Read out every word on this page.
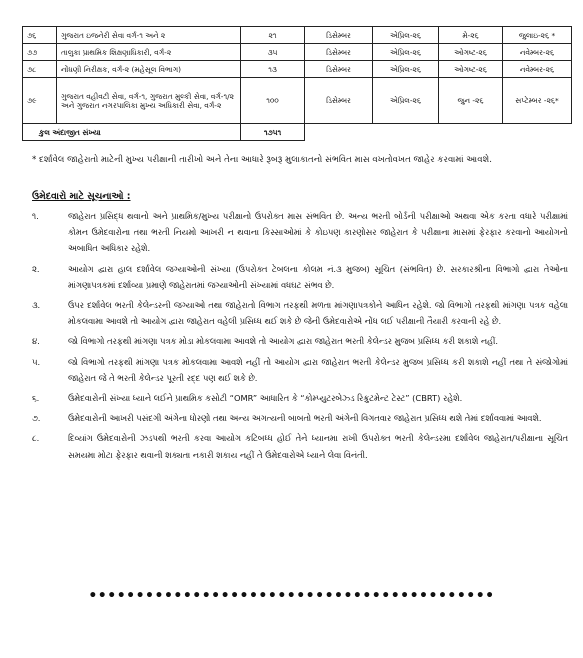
૭૬	ગુજરાત ઇજનેરી સેવા વર્ગ-૧ અને ૨	૨૧	ડિસેમ્બર	એપ્રિલ-૨૬	મે-૨૬	જુલાઇ-૨૬ *
૭૭	તાલુકા પ્રાથમિક શિક્ષણાધિકારી, વર્ગ-૨	૩૫	ડિસેમ્બર	એપ્રિલ-૨૬	ઓગષ્ટ-૨૬	નવેમ્બર-૨૬
૭૮	નોંધણી નિરીક્ષક, વર્ગ-૨ (મહેસૂલ વિભાગ)	૧૩	ડિસેમ્બર	એપ્રિલ-૨૬	ઓગષ્ટ-૨૬	નવેમ્બર-૨૬
૭૯	ગુજરાત વહીવટી સેવા, વર્ગ-૧, ગુજરાત મુલ્કી સેવા, વર્ગ-૧/૨ અને ગુજરાત નગરપાલિકા મુખ્ય અધિકારી સેવા, વર્ગ-૨	૧૦૦	ડિસેમ્બર	એપ્રિલ-૨૬	જુન -૨૬	સપ્ટેમ્બર -૨૬*
કુલ અંદાજીત સંખ્યા		૧૭૫૧				
* દર્શાવેલ જાહેરાતો માટેની મુખ્ય પરીક્ષાની તારીખો અને તેના આધારે રૂબરૂ મુલાકાતનો સંભવિત માસ વખતોવખત જાહેર કરવામાં આવશે.
ઉમેદવારો માટે સૂચનાઓ :
૧.	જાહેરાત પ્રસિદ્ધ થવાનો અને પ્રાથમિક/મુખ્ય પરીક્ષાનો ઉપરોક્ત માસ સંભવિત છે. અન્ય ભરતી બોર્ડની પરીક્ષાઓ અથવા એક કરતા વધારે પરીક્ષામાં કોમન ઉમેદવારોના તથા ભરતી નિયમો આખરી ન થવાના કિસ્સાઓમાં કે કોઇપણ કારણોસર જાહેરાત કે પરીક્ષાના માસમાં ફેરફાર કરવાનો આયોગનો અબાધિત અધિકાર રહેશે.
૨.	આયોગ દ્વારા હાલ દર્શાવેલ જગ્યાઓની સંખ્યા (ઉપરોક્ત ટેબલના કોલમ નં.૩ મુજબ) સૂચિત (સંભવિત) છે. સરકારશ્રીના વિભાગો દ્વારા તેઓના માંગણાપત્રકમાં દર્શાવ્યા પ્રમાણે જાહેરાતમાં જગ્યાઓની સંખ્યામાં વધઘટ સંભવ છે.
૩.	ઉપર દર્શાવેલ ભરતી કેલેન્ડરની જગ્યાઓ તથા જાહેરાતો વિભાગ તરફથી મળતા માંગણાપત્રકોને આધિન રહેશે. જો વિભાગો તરફથી માંગણા પત્રક વહેલા મોકલવામા આવશે તો આયોગ દ્વારા જાહેરાત વહેલી પ્રસિધ્ધ થઈ શકે છે જેની ઉમેદવારોએ નોંધ લઈ પરીક્ષાની તૈયારી કરવાની રહે છે.
૪.	જો વિભાગો તરફથી માંગણા પત્રક મોડા મોકલવામા આવશે તો આયોગ દ્વારા જાહેરાત ભરતી કેલેન્ડર મુજબ પ્રસિધ્ધ કરી શકાશે નહીં.
૫.	જો વિભાગો તરફથી માંગણા પત્રક મોકલવામા આવશે નહીં તો આયોગ દ્વારા જાહેરાત ભરતી કેલેન્ડર મુજબ પ્રસિધ્ધ કરી શકાશે નહીં તથા તે સંજોગોમાં જાહેરાત જે તે ભરતી કેલેન્ડર પૂરતી રદ્દ પણ થઈ શકે છે.
૬.	ઉમેદવારોની સંખ્યા ધ્યાને લઈને પ્રાથમિક કસોટી “OMR” આધારિત કે “કોમ્પ્યુટરબેઝ્ડ રિક્રુટમેન્ટ ટેસ્ટ” (CBRT) રહેશે.
૭.	ઉમેદવારોની આખરી પસંદગી અંગેના ધોરણો તથા અન્ય અગત્યની બાબતો ભરતી અંગેની વિગતવાર જાહેરાત પ્રસિધ્ધ થશે તેમાં દર્શાવવામાં આવશે.
૮.	દિવ્યાંગ ઉમેદવારોની ઝડપથી ભરતી કરવા આયોગ કટિબધ્ધ હોઈ તેને ધ્યાનમા રાખી ઉપરોક્ત ભરતી કેલેન્ડરમા દર્શાવેલ જાહેરાત/પરીક્ષાના સૂચિત સમયમા મોટા ફેરફાર થવાની શક્યતા નકારી શકાય નહીં તે ઉમેદવારોએ ધ્યાને લેવા વિનંતી.
•••••••••••••••••••••••••••••••••••••••••••
